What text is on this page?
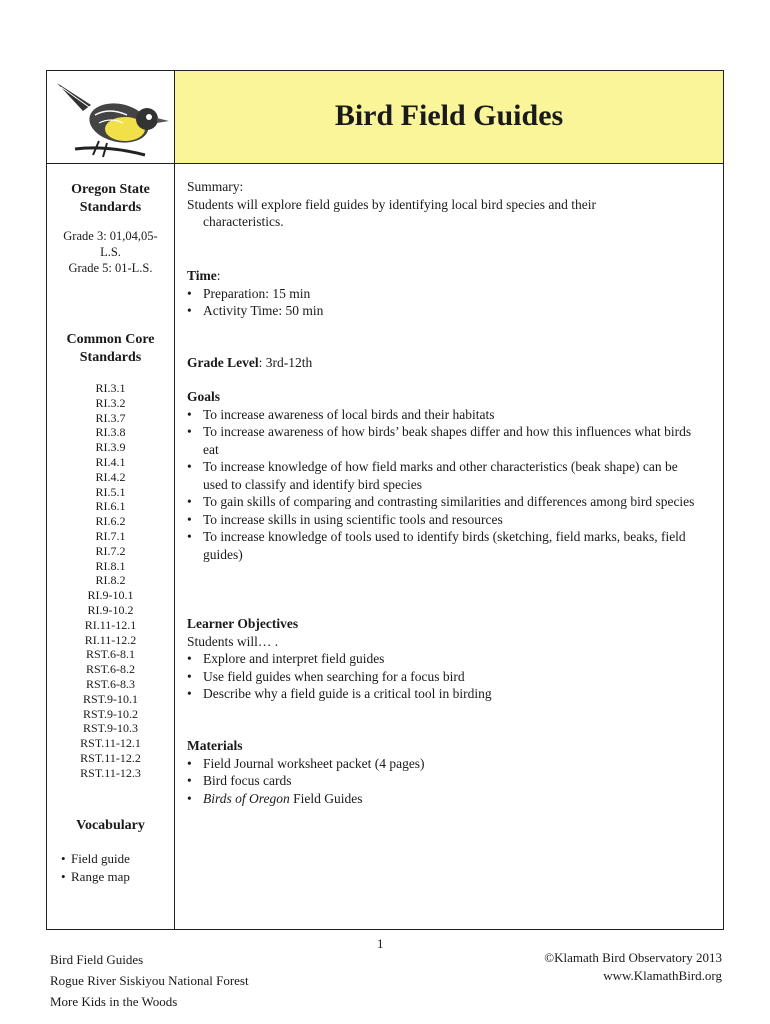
Bird Field Guides
Oregon State
Standards
Grade 3: 01,04,05-
L.S.
Grade 5: 01-L.S.
Common Core
Standards
RI.3.1
RI.3.2
RI.3.7
RI.3.8
RI.3.9
RI.4.1
RI.4.2
RI.5.1
RI.6.1
RI.6.2
RI.7.1
RI.7.2
RI.8.1
RI.8.2
RI.9-10.1
RI.9-10.2
RI.11-12.1
RI.11-12.2
RST.6-8.1
RST.6-8.2
RST.6-8.3
RST.9-10.1
RST.9-10.2
RST.9-10.3
RST.11-12.1
RST.11-12.2
RST.11-12.3
Vocabulary
• Field guide
• Range map
Summary:
Students will explore field guides by identifying local bird species and their
characteristics.
Time:
• Preparation: 15 min
• Activity Time: 50 min
Grade Level: 3rd-12th
Goals
• To increase awareness of local birds and their habitats
• To increase awareness of how birds’ beak shapes differ and how this influences what birds eat
• To increase knowledge of how field marks and other characteristics (beak shape) can be used to classify and identify bird species
• To gain skills of comparing and contrasting similarities and differences among bird species
• To increase skills in using scientific tools and resources
• To increase knowledge of tools used to identify birds (sketching, field marks, beaks, field guides)
Learner Objectives
Students will… .
• Explore and interpret field guides
• Use field guides when searching for a focus bird
• Describe why a field guide is a critical tool in birding
Materials
• Field Journal worksheet packet (4 pages)
• Bird focus cards
• Birds of Oregon Field Guides
1
Bird Field Guides
Rogue River Siskiyou National Forest
More Kids in the Woods
©Klamath Bird Observatory 2013
www.KlamathBird.org
